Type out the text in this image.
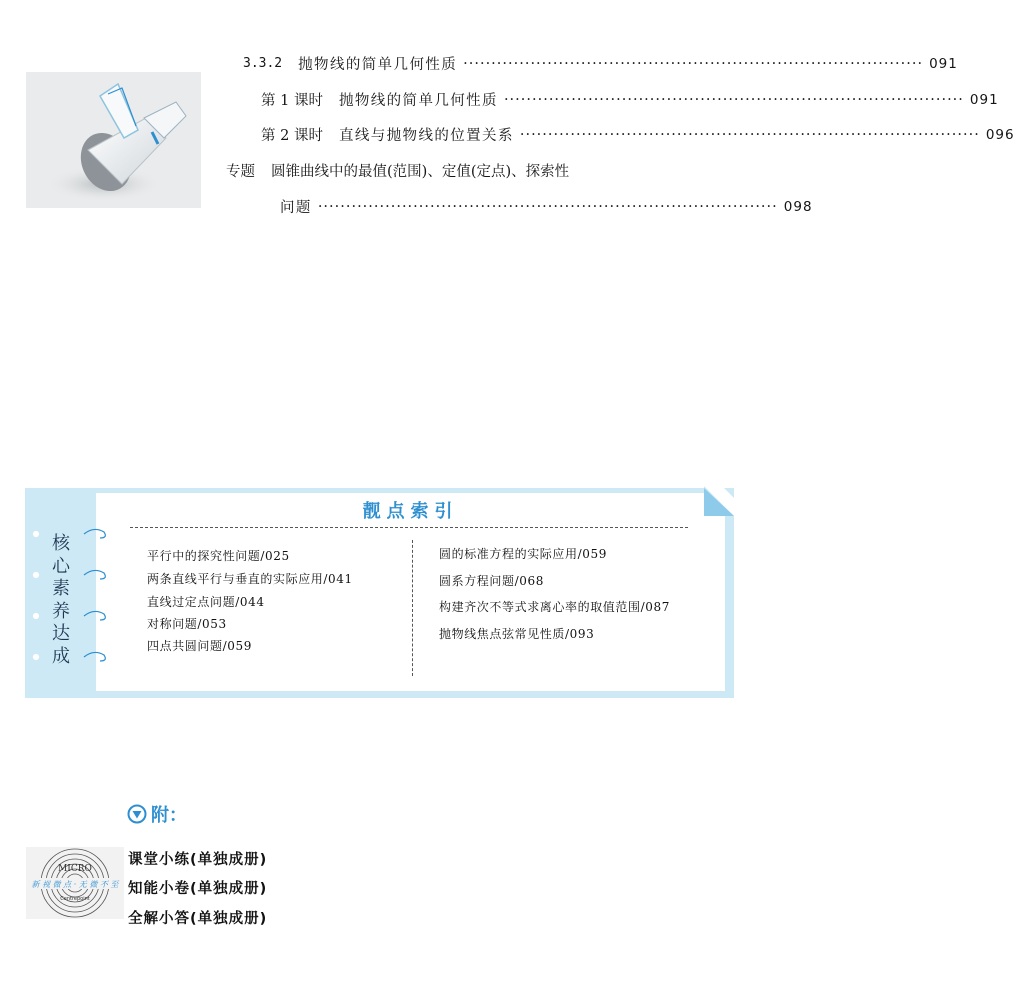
3.3.2 抛物线的简单几何性质 ·················································································· 091
第 1 课时 抛物线的简单几何性质 ·················································································· 091
第 2 课时 直线与抛物线的位置关系 ·················································································· 096
专题 圆锥曲线中的最值(范围)、定值(定点)、探索性
问题 ·················································································· 098
核
心
素
养
达
成
靓点索引
平行中的探究性问题/025
两条直线平行与垂直的实际应用/041
直线过定点问题/044
对称问题/053
四点共圆问题/059
圆的标准方程的实际应用/059
圆系方程问题/068
构建齐次不等式求离心率的取值范围/087
抛物线焦点弦常见性质/093
附：
新 视 微 点 · 无 微 不 至
MICRO
Centrepoint
课堂小练(单独成册)
知能小卷(单独成册)
全解小答(单独成册)
